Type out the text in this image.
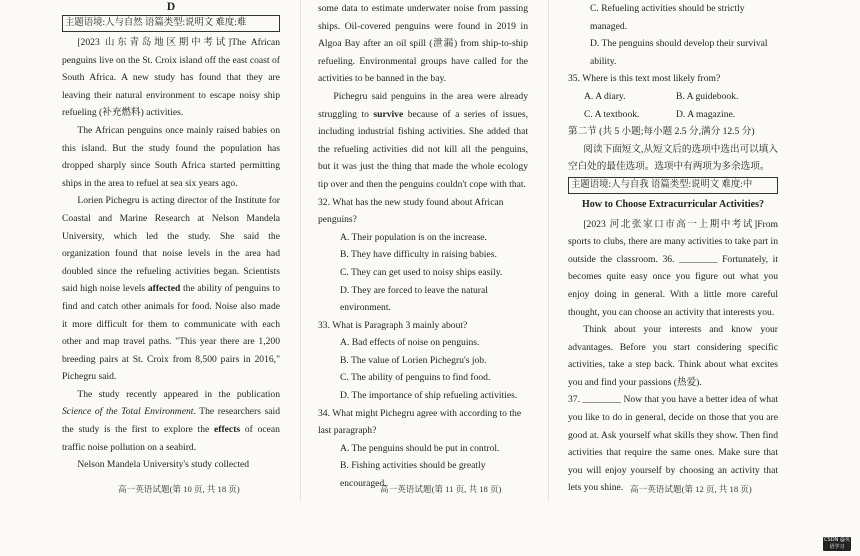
D
主题语境:人与自然 语篇类型:说明文 难度:难

[2023 山东青岛地区期中考试]The African penguins live on the St. Croix island off the east coast of South Africa. A new study has found that they are leaving their natural environment to escape noisy ship refueling (补充燃料) activities.

The African penguins once mainly raised babies on this island. But the study found the population has dropped sharply since South Africa started permitting ships in the area to refuel at sea six years ago.

Lorien Pichegru is acting director of the Institute for Coastal and Marine Research at Nelson Mandela University, which led the study. She said the organization found that noise levels in the area had doubled since the refueling activities began. Scientists said high noise levels affected the ability of penguins to find and catch other animals for food. Noise also made it more difficult for them to communicate with each other and map travel paths. "This year there are 1,200 breeding pairs at St. Croix from 8,500 pairs in 2016," Pichegru said.

The study recently appeared in the publication Science of the Total Environment. The researchers said the study is the first to explore the effects of ocean traffic noise pollution on a seabird.

Nelson Mandela University's study collected

some data to estimate underwater noise from passing ships. Oil-covered penguins were found in 2019 in Algoa Bay after an oil spill (泄漏) from ship-to-ship refueling. Environmental groups have called for the activities to be banned in the bay.

Pichegru said penguins in the area were already struggling to survive because of a series of issues, including industrial fishing activities. She added that the refueling activities did not kill all the penguins, but it was just the thing that made the whole ecology tip over and then the penguins couldn't cope with that.

32. What has the new study found about African penguins?

A. Their population is on the increase.

B. They have difficulty in raising babies.

C. They can get used to noisy ships easily.

D. They are forced to leave the natural environment.

33. What is Paragraph 3 mainly about?

A. Bad effects of noise on penguins.

B. The value of Lorien Pichegru's job.

C. The ability of penguins to find food.

D. The importance of ship refueling activities.

34. What might Pichegru agree with according to the last paragraph?

A. The penguins should be put in control.

B. Fishing activities should be greatly encouraged.

C. Refueling activities should be strictly managed.

D. The penguins should develop their survival ability.

35. Where is this text most likely from?

A. A diary.	B. A guidebook.
C. A textbook.	D. A magazine.

第二节 (共 5 小题;每小题 2.5 分,满分 12.5 分)

阅读下面短文,从短文后的选项中选出可以填入空白处的最佳选项。选项中有两项为多余选项。

主题语境:人与自我 语篇类型:说明文 难度:中
How to Choose Extracurricular Activities?

[2023 河北张家口市高一上期中考试]From sports to clubs, there are many activities to take part in outside the classroom. 36. ________ Fortunately, it becomes quite easy once you figure out what you enjoy doing in general. With a little more careful thought, you can choose an activity that interests you.

Think about your interests and know your advantages. Before you start considering specific activities, take a step back. Think about what excites you and find your passions (热爱).

37. ________ Now that you have a better idea of what you like to do in general, decide on those that you are good at. Ask yourself what skills they show. Then find activities that require the same ones. Make sure that you will enjoy yourself by choosing an activity that lets you shine.

高一英语试题(第 10 页, 共 18 页)	高一英语试题(第 11 页, 共 18 页)	高一英语试题(第 12 页, 共 18 页)
CSDN @英语学习
